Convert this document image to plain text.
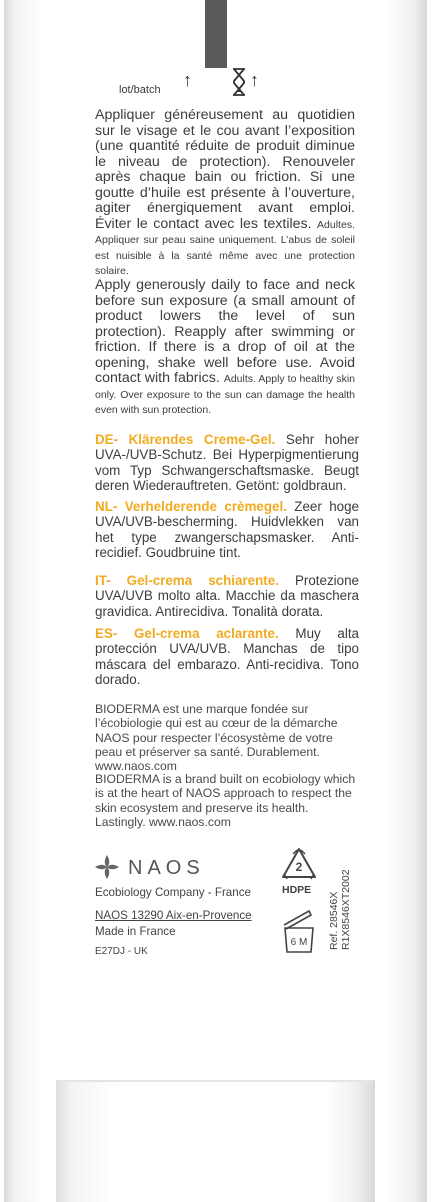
lot/batch ↑	↑
Appliquer généreusement au quotidien sur le visage et le cou avant l’exposition (une quantité réduite de produit diminue le niveau de protection). Renouveler après chaque bain ou friction. Si une goutte d’huile est présente à l’ouverture, agiter énergiquement avant emploi. Éviter le contact avec les textiles. Adultes. Appliquer sur peau saine uniquement. L’abus de soleil est nuisible à la santé même avec une protection solaire.
Apply generously daily to face and neck before sun exposure (a small amount of product lowers the level of sun protection). Reapply after swimming or friction. If there is a drop of oil at the opening, shake well before use. Avoid contact with fabrics. Adults. Apply to healthy skin only. Over exposure to the sun can damage the health even with sun protection.
DE- Klärendes Creme-Gel. Sehr hoher UVA-/UVB-Schutz. Bei Hyperpigmentierung vom Typ Schwangerschaftsmaske. Beugt deren Wiederauftreten. Getönt: goldbraun.
NL- Verhelderende crèmegel. Zeer hoge UVA/UVB-bescherming. Huidvlekken van het type zwangerschapsmasker. Anti-recidief. Goudbruine tint.
IT- Gel-crema schiarente. Protezione UVA/UVB molto alta. Macchie da maschera gravidica. Antirecidiva. Tonalità dorata.
ES- Gel-crema aclarante. Muy alta protección UVA/UVB. Manchas de tipo máscara del embarazo. Anti-recidiva. Tono dorado.
BIODERMA est une marque fondée sur l’écobiologie qui est au cœur de la démarche NAOS pour respecter l’écosystème de votre peau et préserver sa santé. Durablement. www.naos.com
BIODERMA is a brand built on ecobiology which is at the heart of NAOS approach to respect the skin ecosystem and preserve its health. Lastingly. www.naos.com
NAOS
Ecobiology Company - France
NAOS 13290 Aix-en-Provence
Made in France
E27DJ - UK
2
HDPE
6 M Ref. 28546X R1X8546XT2002
